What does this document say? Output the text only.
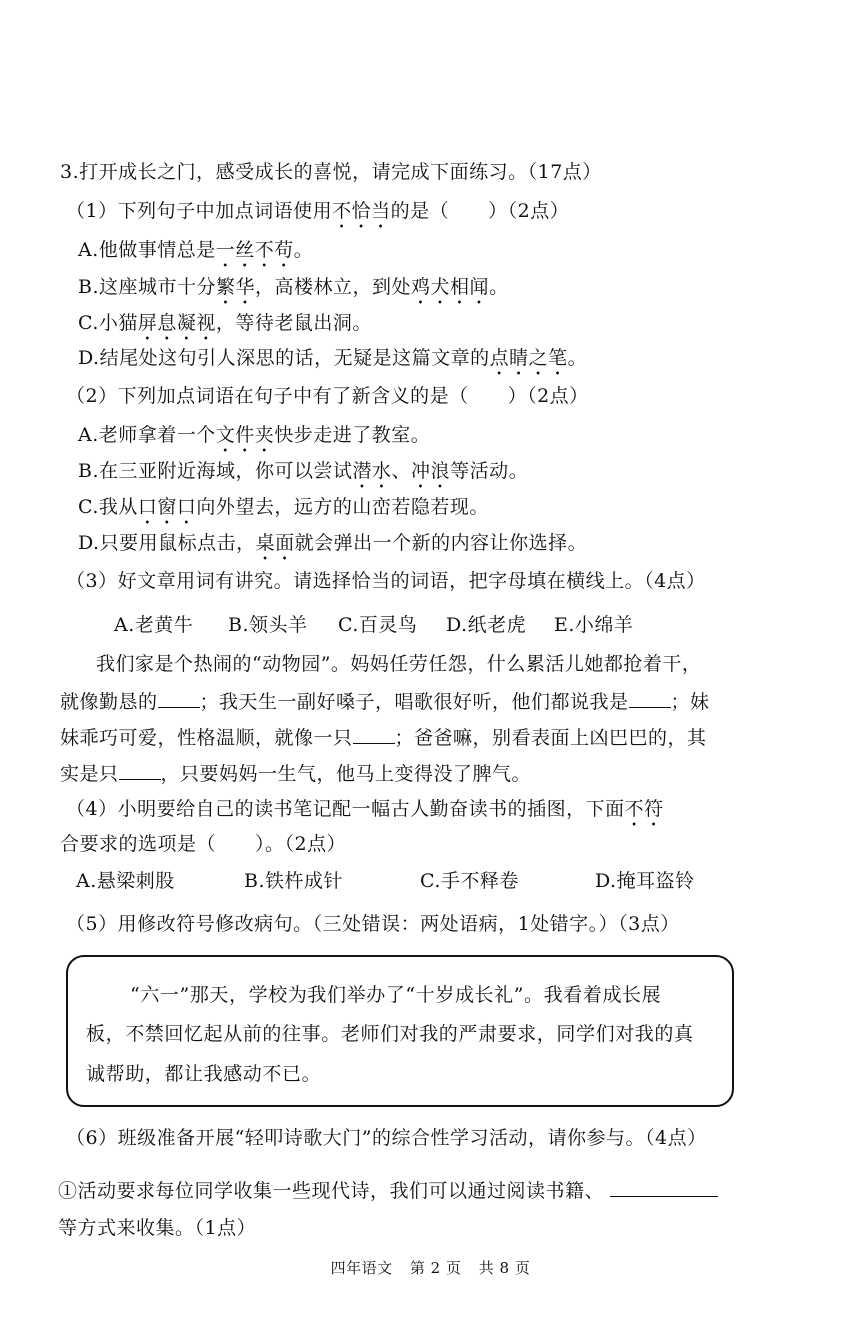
3.打开成长之门，感受成长的喜悦，请完成下面练习。（17点）
（1）下列句子中加点词语使用不恰当的是（　　）（2点）
A.他做事情总是一丝不苟。
B.这座城市十分繁华，高楼林立，到处鸡犬相闻。
C.小猫屏息凝视，等待老鼠出洞。
D.结尾处这句引人深思的话，无疑是这篇文章的点睛之笔。
（2）下列加点词语在句子中有了新含义的是（　　）（2点）
A.老师拿着一个文件夹快步走进了教室。
B.在三亚附近海域，你可以尝试潜水、冲浪等活动。
C.我从口窗口向外望去，远方的山峦若隐若现。
D.只要用鼠标点击，桌面就会弹出一个新的内容让你选择。
（3）好文章用词有讲究。请选择恰当的词语，把字母填在横线上。（4点）
A.老黄牛 B.领头羊 C.百灵鸟 D.纸老虎 E.小绵羊
我们家是个热闹的“动物园”。妈妈任劳任怨，什么累活儿她都抢着干，
就像勤恳的 ；我天生一副好嗓子，唱歌很好听，他们都说我是 ；妹
妹乖巧可爱，性格温顺，就像一只 ；爸爸嘛，别看表面上凶巴巴的，其
实是只 ，只要妈妈一生气，他马上变得没了脾气。
（4）小明要给自己的读书笔记配一幅古人勤奋读书的插图，下面不符
合要求的选项是（　　）。（2点）
A.悬梁刺股	B.铁杵成针	C.手不释卷	D.掩耳盗铃
（5）用修改符号修改病句。（三处错误：两处语病，1处错字。）（3点）

“六一”那天，学校为我们举办了“十岁成长礼”。我看着成长展

板，不禁回忆起从前的往事。老师们对我的严肃要求，同学们对我的真

诚帮助，都让我感动不已。

（6）班级准备开展“轻叩诗歌大门”的综合性学习活动，请你参与。（4点）
①活动要求每位同学收集一些现代诗，我们可以通过阅读书籍、
等方式来收集。（1点）
四年语文 第 2 页 共 8 页
